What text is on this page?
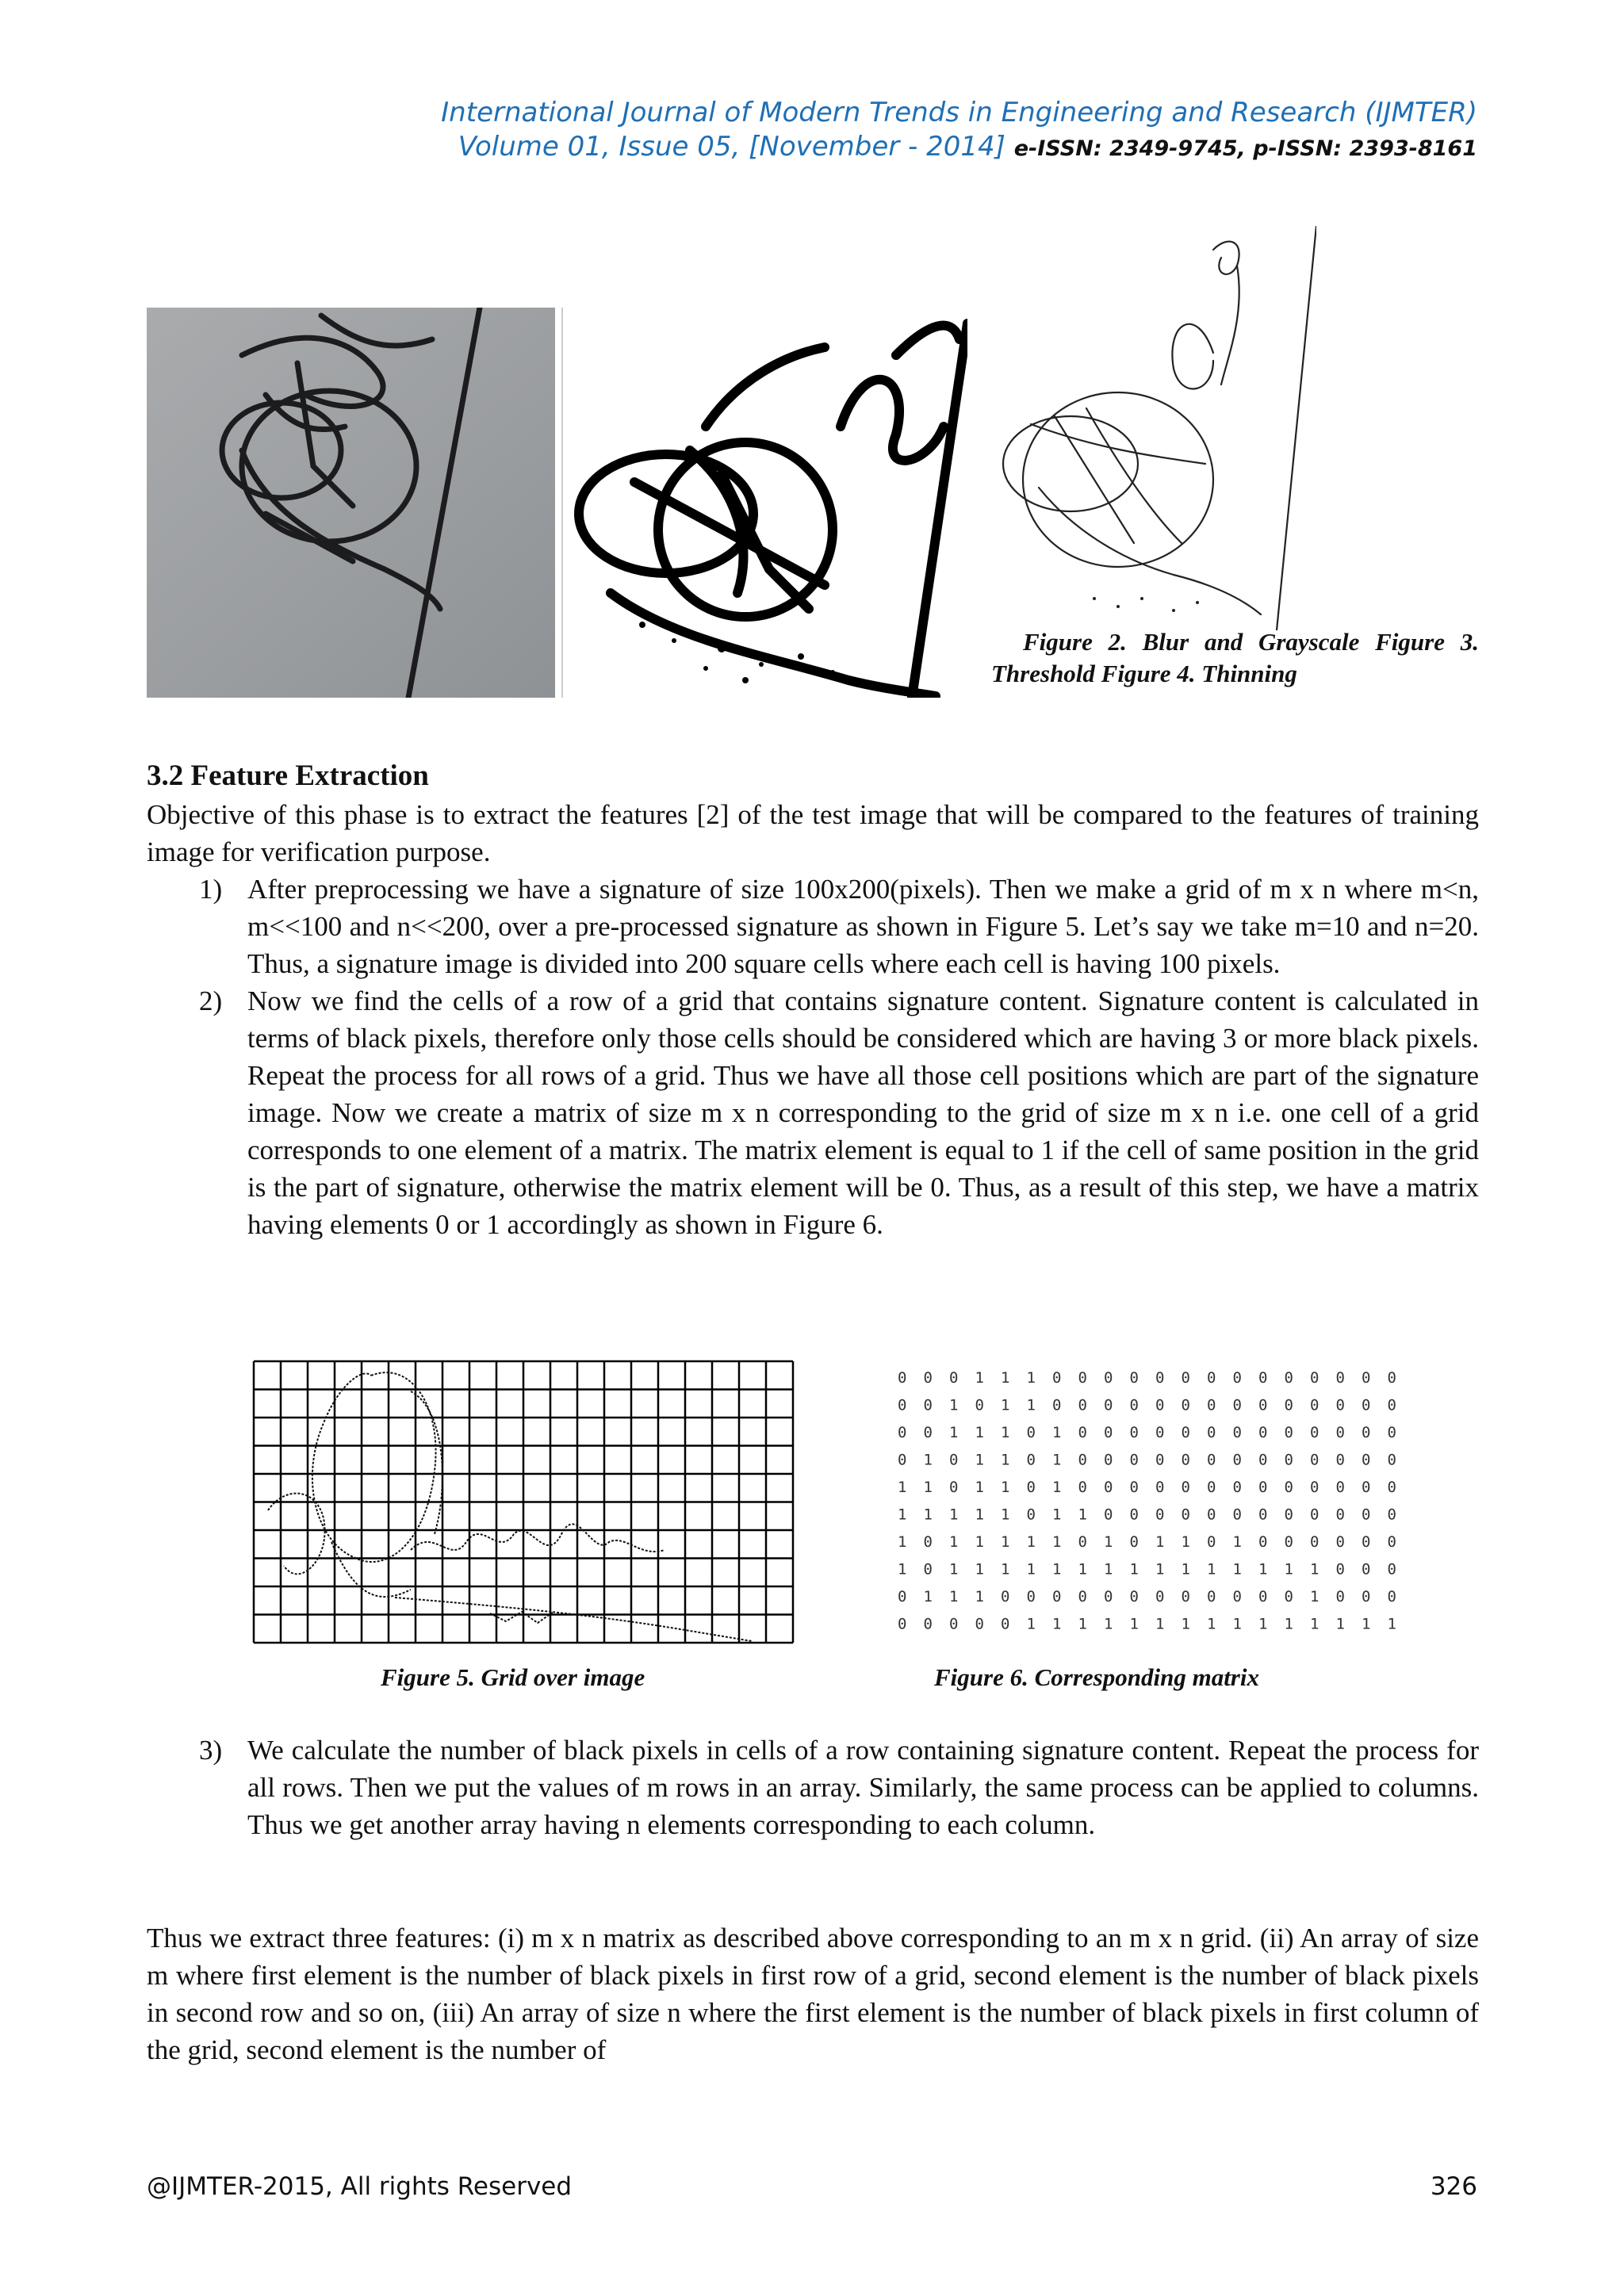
International Journal of Modern Trends in Engineering and Research (IJMTER)
Volume 01, Issue 05, [November - 2014] e-ISSN: 2349-9745, p-ISSN: 2393-8161
Figure 2. Blur and Grayscale Figure 3. Threshold Figure 4. Thinning
3.2 Feature Extraction
Objective of this phase is to extract the features [2] of the test image that will be compared to the features of training image for verification purpose.
1) After preprocessing we have a signature of size 100x200(pixels). Then we make a grid of m x n where m<n, m<<100 and n<<200, over a pre-processed signature as shown in Figure 5. Let’s say we take m=10 and n=20. Thus, a signature image is divided into 200 square cells where each cell is having 100 pixels.
2) Now we find the cells of a row of a grid that contains signature content. Signature content is calculated in terms of black pixels, therefore only those cells should be considered which are having 3 or more black pixels. Repeat the process for all rows of a grid. Thus we have all those cell positions which are part of the signature image. Now we create a matrix of size m x n corresponding to the grid of size m x n i.e. one cell of a grid corresponds to one element of a matrix. The matrix element is equal to 1 if the cell of same position in the grid is the part of signature, otherwise the matrix element will be 0. Thus, as a result of this step, we have a matrix having elements 0 or 1 accordingly as shown in Figure 6.
0 0 0 1 1 1 0 0 0 0 0 0 0 0 0 0 0 0 0 0
0 0 1 0 1 1 0 0 0 0 0 0 0 0 0 0 0 0 0 0
0 0 1 1 1 0 1 0 0 0 0 0 0 0 0 0 0 0 0 0
0 1 0 1 1 0 1 0 0 0 0 0 0 0 0 0 0 0 0 0
1 1 0 1 1 0 1 0 0 0 0 0 0 0 0 0 0 0 0 0
1 1 1 1 1 0 1 1 0 0 0 0 0 0 0 0 0 0 0 0
1 0 1 1 1 1 1 0 1 0 1 1 0 1 0 0 0 0 0 0
1 0 1 1 1 1 1 1 1 1 1 1 1 1 1 1 1 0 0 0
0 1 1 1 0 0 0 0 0 0 0 0 0 0 0 0 1 0 0 0
0 0 0 0 0 1 1 1 1 1 1 1 1 1 1 1 1 1 1 1
Figure 5. Grid over image	Figure 6. Corresponding matrix
3) We calculate the number of black pixels in cells of a row containing signature content. Repeat the process for all rows. Then we put the values of m rows in an array. Similarly, the same process can be applied to columns. Thus we get another array having n elements corresponding to each column.
Thus we extract three features: (i) m x n matrix as described above corresponding to an m x n grid. (ii) An array of size m where first element is the number of black pixels in first row of a grid, second element is the number of black pixels in second row and so on, (iii) An array of size n where the first element is the number of black pixels in first column of the grid, second element is the number of
@IJMTER-2015, All rights Reserved	326
